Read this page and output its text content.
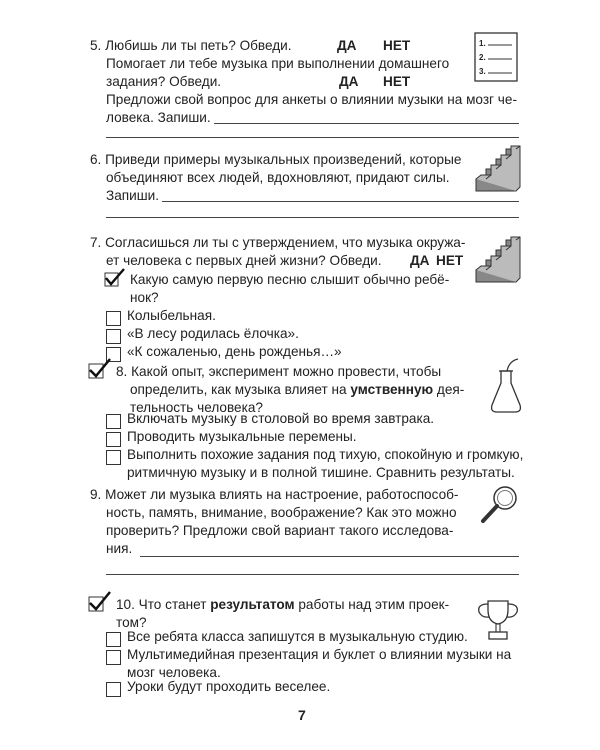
5. Любишь ли ты петь? Обведи.	ДА НЕТ
Помогает ли тебе музыка при выполнении домашнего
задания? Обведи.	ДА НЕТ
Предложи свой вопрос для анкеты о влиянии музыки на мозг че-
ловека. Запиши.
1.
2.
3.
6. Приведи примеры музыкальных произведений, которые
объединяют всех людей, вдохновляют, придают силы.
Запиши.
7. Согласишься ли ты с утверждением, что музыка окружа-
ет человека с первых дней жизни? Обведи. ДА НЕТ
Какую самую первую песню слышит обычно ребё-
нок?
Колыбельная.
«В лесу родилась ёлочка».
«К сожаленью, день рожденья…»
8. Какой опыт, эксперимент можно провести, чтобы
определить, как музыка влияет на умственную дея-
тельность человека?
Включать музыку в столовой во время завтрака.
Проводить музыкальные перемены.
Выполнить похожие задания под тихую, спокойную и громкую,
ритмичную музыку и в полной тишине. Сравнить результаты.
9. Может ли музыка влиять на настроение, работоспособ-
ность, память, внимание, воображение? Как это можно
проверить? Предложи свой вариант такого исследова-
ния.
10. Что станет результатом работы над этим проек-
том?
Все ребята класса запишутся в музыкальную студию.
Мультимедийная презентация и буклет о влиянии музыки на
мозг человека.
Уроки будут проходить веселее.
7
